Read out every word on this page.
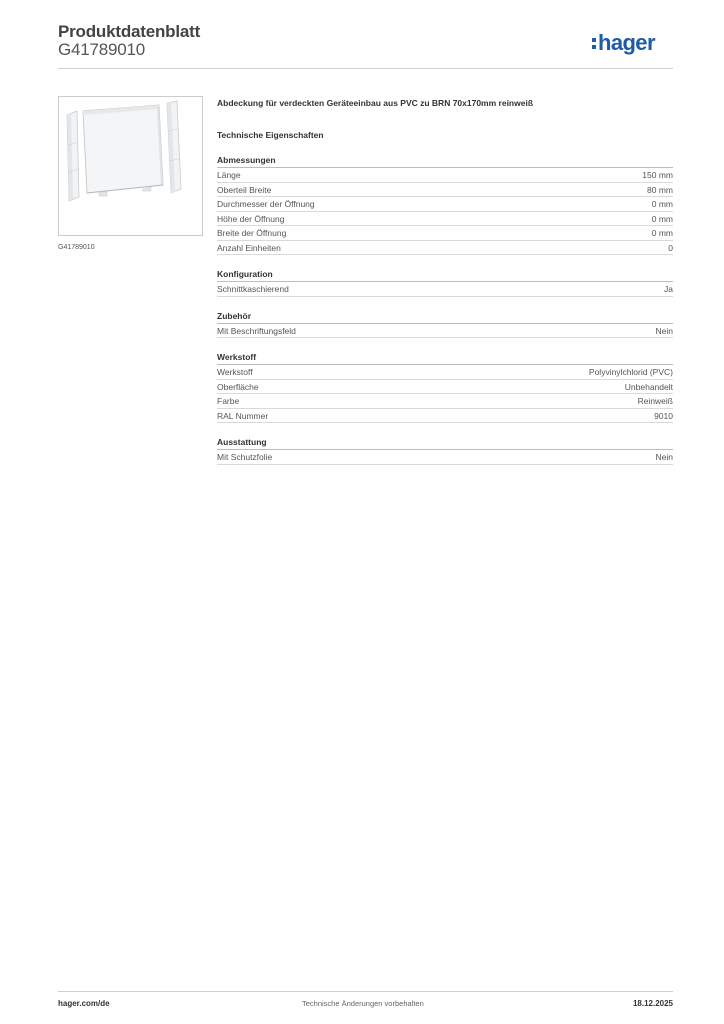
Produktdatenblatt
G41789010	hager
G41789010
Abdeckung für verdeckten Geräteeinbau aus PVC zu BRN 70x170mm reinweiß
Technische Eigenschaften
Abmessungen
Länge	150 mm
Oberteil Breite	80 mm
Durchmesser der Öffnung	0 mm
Höhe der Öffnung	0 mm
Breite der Öffnung	0 mm
Anzahl Einheiten	0
Konfiguration
Schnittkaschierend	Ja
Zubehör
Mit Beschriftungsfeld	Nein
Werkstoff
Werkstoff	Polyvinylchlorid (PVC)
Oberfläche	Unbehandelt
Farbe	Reinweiß
RAL Nummer	9010
Ausstattung
Mit Schutzfolie	Nein
hager.com/de	Technische Änderungen vorbehalten	18.12.2025
